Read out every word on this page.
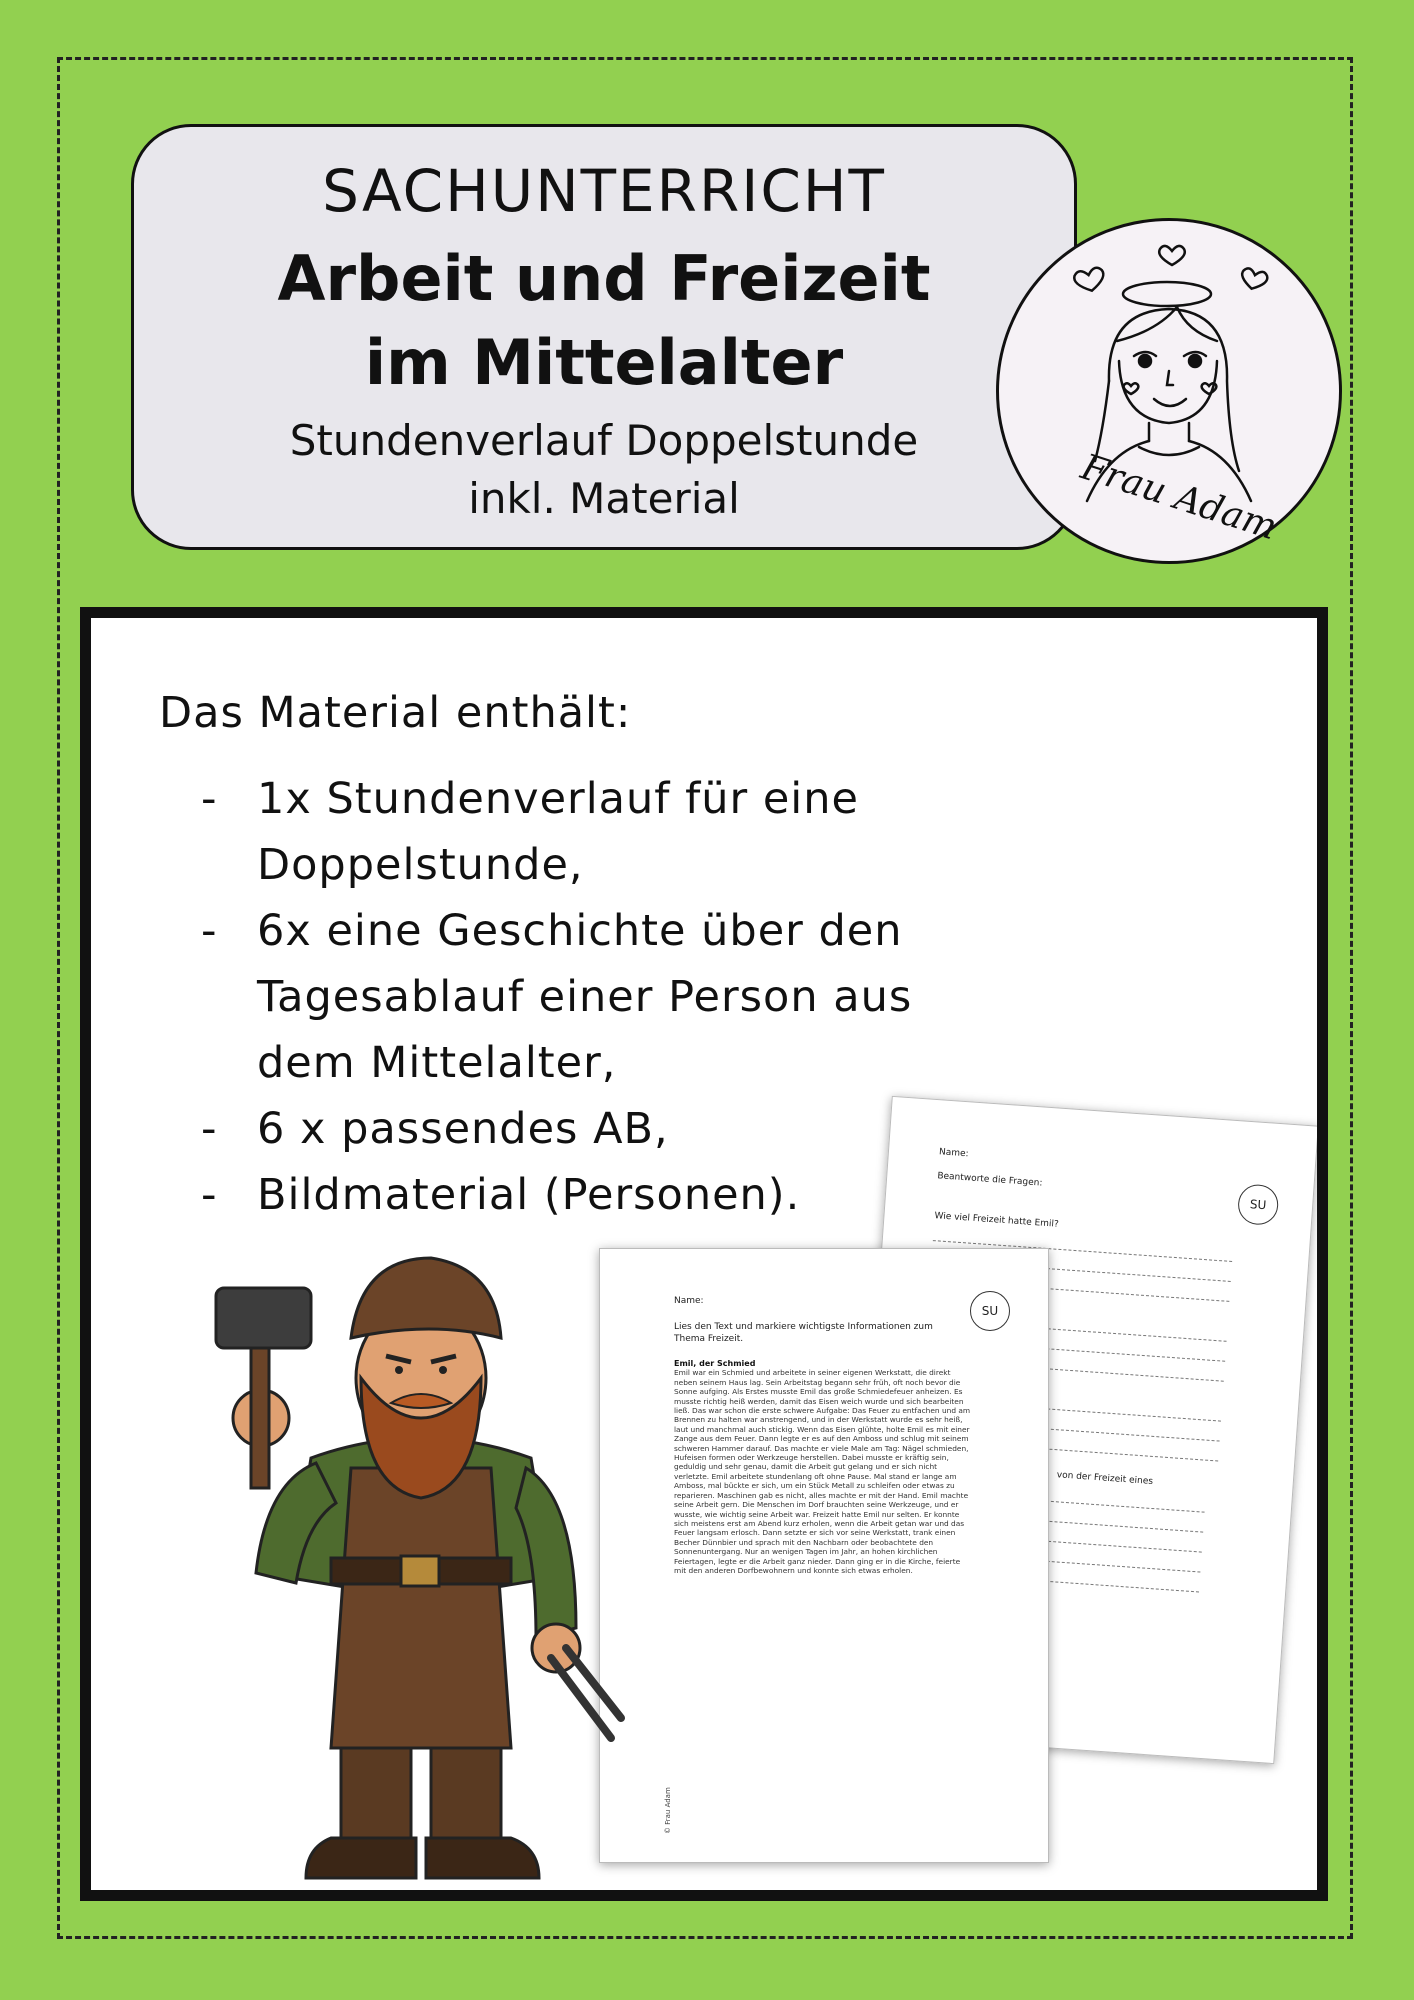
SACHUNTERRICHT
Arbeit und Freizeit
im Mittelalter
Stundenverlauf Doppelstunde
inkl. Material	Frau Adam
Das Material enthält:
- 1x Stundenverlauf für eine Doppelstunde,
- 6x eine Geschichte über den Tagesablauf einer Person aus dem Mittelalter,
- 6 x passendes AB,
- Bildmaterial (Personen).
Name:
Beantworte die Fragen:
SU
Wie viel Freizeit hatte Emil?
von der Freizeit eines
Name:
SU
Lies den Text und markiere wichtigste Informationen zum Thema Freizeit.
Emil, der Schmied
Emil war ein Schmied und arbeitete in seiner eigenen Werkstatt, die direkt neben seinem Haus lag. Sein Arbeitstag begann sehr früh, oft noch bevor die Sonne aufging. Als Erstes musste Emil das große Schmiedefeuer anheizen. Es musste richtig heiß werden, damit das Eisen weich wurde und sich bearbeiten ließ. Das war schon die erste schwere Aufgabe: Das Feuer zu entfachen und am Brennen zu halten war anstrengend, und in der Werkstatt wurde es sehr heiß, laut und manchmal auch stickig. Wenn das Eisen glühte, holte Emil es mit einer Zange aus dem Feuer. Dann legte er es auf den Amboss und schlug mit seinem schweren Hammer darauf. Das machte er viele Male am Tag: Nägel schmieden, Hufeisen formen oder Werkzeuge herstellen. Dabei musste er kräftig sein, geduldig und sehr genau, damit die Arbeit gut gelang und er sich nicht verletzte. Emil arbeitete stundenlang oft ohne Pause. Mal stand er lange am Amboss, mal bückte er sich, um ein Stück Metall zu schleifen oder etwas zu reparieren. Maschinen gab es nicht, alles machte er mit der Hand. Emil machte seine Arbeit gern. Die Menschen im Dorf brauchten seine Werkzeuge, und er wusste, wie wichtig seine Arbeit war. Freizeit hatte Emil nur selten. Er konnte sich meistens erst am Abend kurz erholen, wenn die Arbeit getan war und das Feuer langsam erlosch. Dann setzte er sich vor seine Werkstatt, trank einen Becher Dünnbier und sprach mit den Nachbarn oder beobachtete den Sonnenuntergang. Nur an wenigen Tagen im Jahr, an hohen kirchlichen Feiertagen, legte er die Arbeit ganz nieder. Dann ging er in die Kirche, feierte mit den anderen Dorfbewohnern und konnte sich etwas erholen.
© Frau Adam
